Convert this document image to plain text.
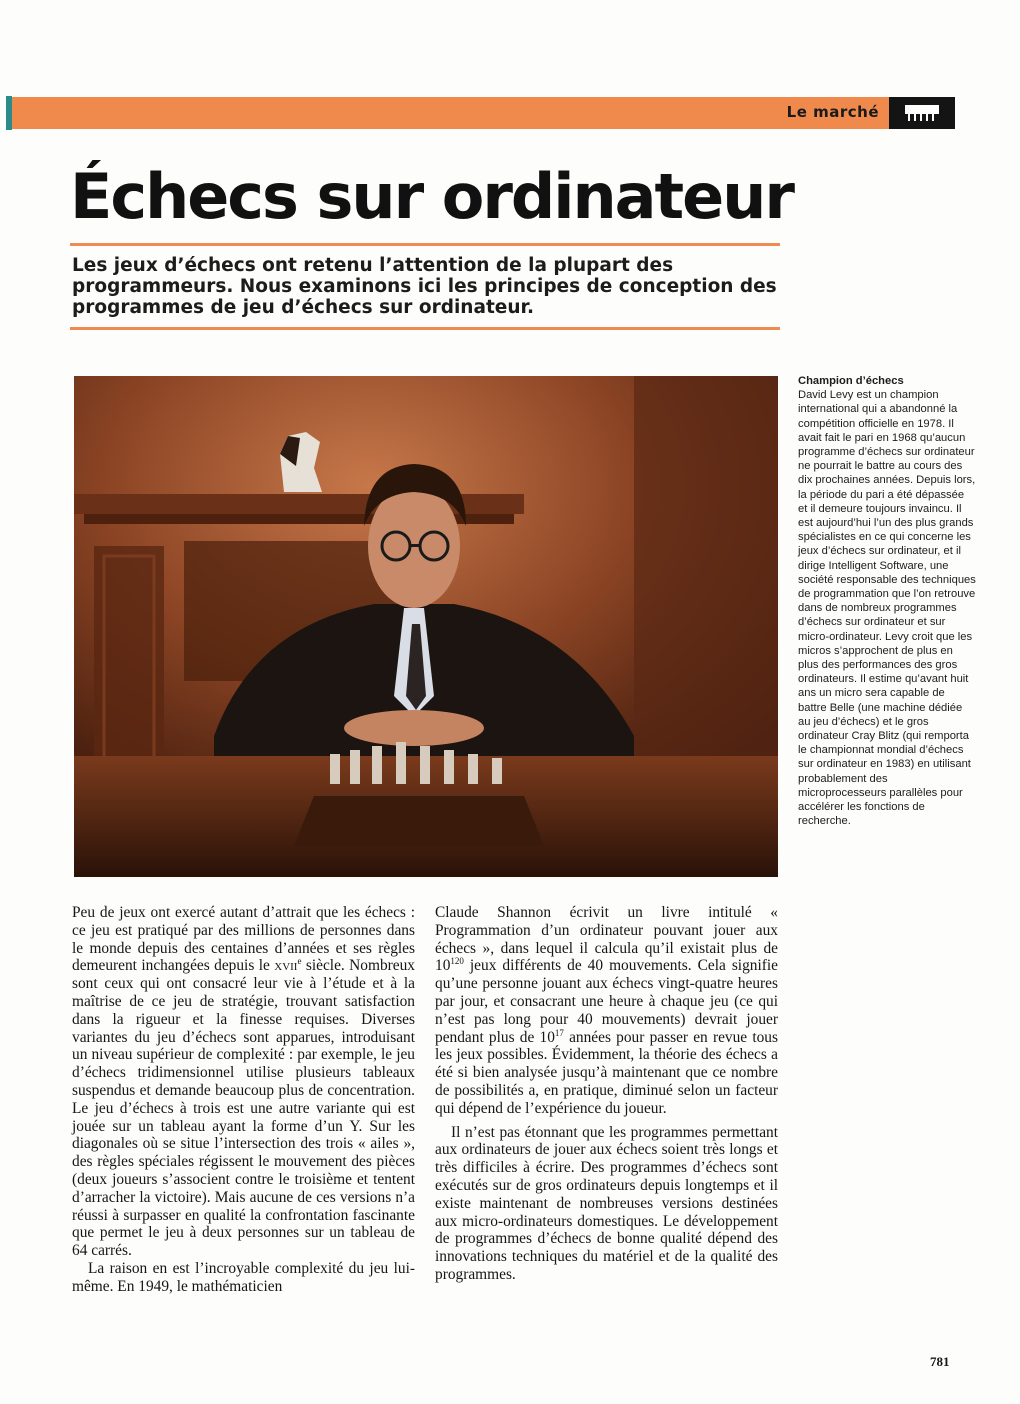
Le marché
Échecs sur ordinateur

Les jeux d’échecs ont retenu l’attention de la plupart des programmeurs. Nous examinons ici les principes de conception des programmes de jeu d’échecs sur ordinateur.

Champion d’échecs
David Levy est un champion international qui a abandonné la compétition officielle en 1978. Il avait fait le pari en 1968 qu’aucun programme d’échecs sur ordinateur ne pourrait le battre au cours des dix prochaines années. Depuis lors, la période du pari a été dépassée et il demeure toujours invaincu. Il est aujourd’hui l’un des plus grands spécialistes en ce qui concerne les jeux d’échecs sur ordinateur, et il dirige Intelligent Software, une société responsable des techniques de programmation que l’on retrouve dans de nombreux programmes d’échecs sur ordinateur et sur micro-ordinateur. Levy croit que les micros s’approchent de plus en plus des performances des gros ordinateurs. Il estime qu’avant huit ans un micro sera capable de battre Belle (une machine dédiée au jeu d’échecs) et le gros ordinateur Cray Blitz (qui remporta le championnat mondial d’échecs sur ordinateur en 1983) en utilisant probablement des microprocesseurs parallèles pour accélérer les fonctions de recherche.

Peu de jeux ont exercé autant d’attrait que les échecs : ce jeu est pratiqué par des millions de personnes dans le monde depuis des centaines d’années et ses règles demeurent inchangées depuis le xvii$^e$ siècle. Nombreux sont ceux qui ont consacré leur vie à l’étude et à la maîtrise de ce jeu de stratégie, trouvant satisfaction dans la rigueur et la finesse requises. Diverses variantes du jeu d’échecs sont apparues, introduisant un niveau supérieur de complexité : par exemple, le jeu d’échecs tridimensionnel utilise plusieurs tableaux suspendus et demande beaucoup plus de concentration. Le jeu d’échecs à trois est une autre variante qui est jouée sur un tableau ayant la forme d’un Y. Sur les diagonales où se situe l’intersection des trois « ailes », des règles spéciales régissent le mouvement des pièces (deux joueurs s’associent contre le troisième et tentent d’arracher la victoire). Mais aucune de ces versions n’a réussi à surpasser en qualité la confrontation fascinante que permet le jeu à deux personnes sur un tableau de 64 carrés.

La raison en est l’incroyable complexité du jeu lui-même. En 1949, le mathématicien

Claude Shannon écrivit un livre intitulé « Programmation d’un ordinateur pouvant jouer aux échecs », dans lequel il calcula qu’il existait plus de $10^{120}$ jeux différents de 40 mouvements. Cela signifie qu’une personne jouant aux échecs vingt-quatre heures par jour, et consacrant une heure à chaque jeu (ce qui n’est pas long pour 40 mouvements) devrait jouer pendant plus de $10^{17}$ années pour passer en revue tous les jeux possibles. Évidemment, la théorie des échecs a été si bien analysée jusqu’à maintenant que ce nombre de possibilités a, en pratique, diminué selon un facteur qui dépend de l’expérience du joueur.

Il n’est pas étonnant que les programmes permettant aux ordinateurs de jouer aux échecs soient très longs et très difficiles à écrire. Des programmes d’échecs sont exécutés sur de gros ordinateurs depuis longtemps et il existe maintenant de nombreuses versions destinées aux micro-ordinateurs domestiques. Le développement de programmes d’échecs de bonne qualité dépend des innovations techniques du matériel et de la qualité des programmes.

781
